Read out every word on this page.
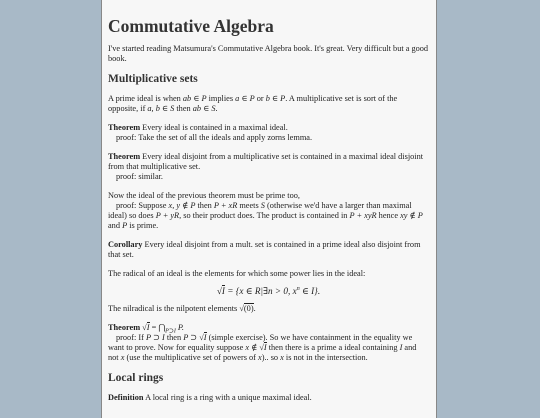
Commutative Algebra

I've started reading Matsumura's Commutative Algebra book. It's great. Very difficult but a good book.

Multiplicative sets

A prime ideal is when ab ∈ P implies a ∈ P or b ∈ P. A multiplicative set is sort of the opposite, if a, b ∈ S then ab ∈ S.

Theorem Every ideal is contained in a maximal ideal.
proof: Take the set of all the ideals and apply zorns lemma.

Theorem Every ideal disjoint from a multiplicative set is contained in a maximal ideal disjoint from that multiplicative set.
proof: similar.

Now the ideal of the previous theorem must be prime too,
proof: Suppose x, y ∉ P then P + xR meets S (otherwise we'd have a larger than maximal ideal) so does P + yR, so their product does. The product is contained in P + xyR hence xy ∉ P and P is prime.

Corollary Every ideal disjoint from a mult. set is contained in a prime ideal also disjoint from that set.

The radical of an ideal is the elements for which some power lies in the ideal:

√I = {x ∈ R|∃n > 0, $x^n$ ∈ I}.

The nilradical is the nilpotent elements √(0).

Theorem $√I = ⋂_{P⊃I}$ P.
proof: If P ⊃ I then P ⊃ √I (simple exercise). So we have containment in the equality we want to prove. Now for equality suppose x ∉ √I then there is a prime a ideal containing I and not x (use the multiplicative set of powers of x).. so x is not in the intersection.

Local rings

Definition A local ring is a ring with a unique maximal ideal.
